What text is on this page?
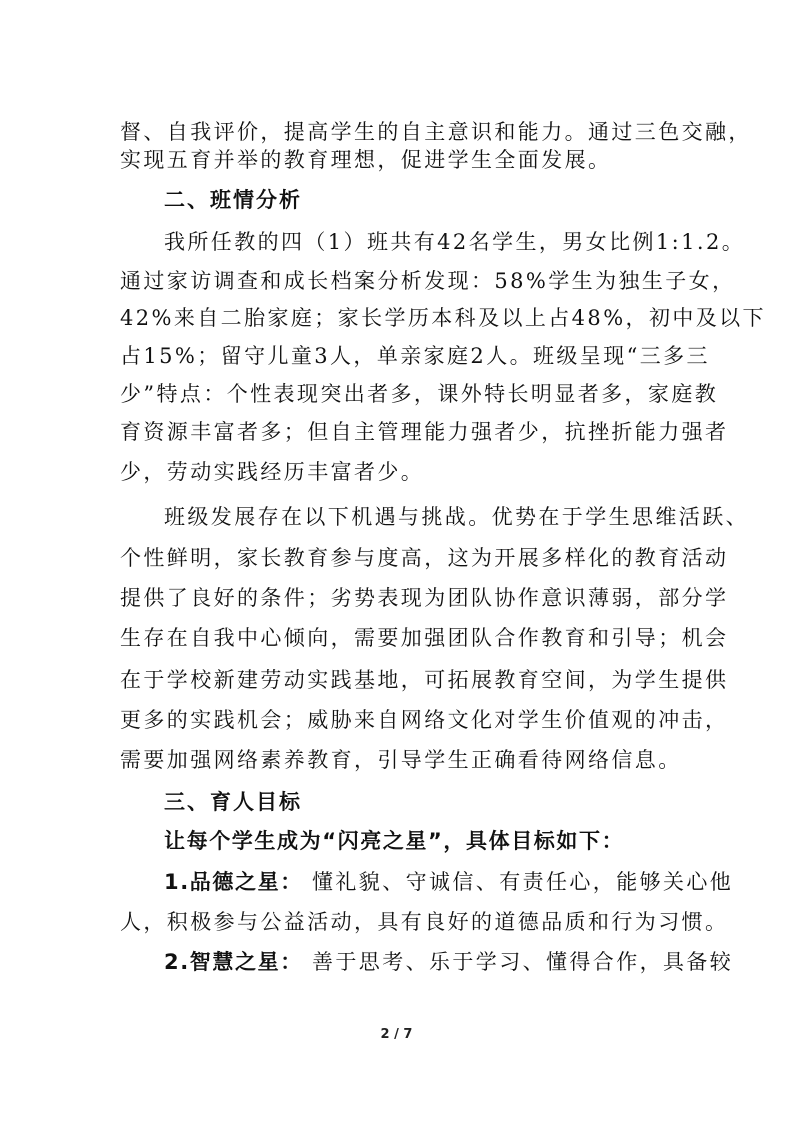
督、自我评价，提高学生的自主意识和能力。通过三色交融，
实现五育并举的教育理想，促进学生全面发展。
二、班情分析
我所任教的四（1）班共有42名学生，男女比例1:1.2。
通过家访调查和成长档案分析发现：58%学生为独生子女，
42%来自二胎家庭；家长学历本科及以上占48%，初中及以下
占15%；留守儿童3人，单亲家庭2人。班级呈现“三多三
少”特点：个性表现突出者多，课外特长明显者多，家庭教
育资源丰富者多；但自主管理能力强者少，抗挫折能力强者
少，劳动实践经历丰富者少。
班级发展存在以下机遇与挑战。优势在于学生思维活跃、
个性鲜明，家长教育参与度高，这为开展多样化的教育活动
提供了良好的条件；劣势表现为团队协作意识薄弱，部分学
生存在自我中心倾向，需要加强团队合作教育和引导；机会
在于学校新建劳动实践基地，可拓展教育空间，为学生提供
更多的实践机会；威胁来自网络文化对学生价值观的冲击，
需要加强网络素养教育，引导学生正确看待网络信息。
三、育人目标
让每个学生成为“闪亮之星”，具体目标如下：
1.品德之星： 懂礼貌、守诚信、有责任心，能够关心他
人，积极参与公益活动，具有良好的道德品质和行为习惯。
2.智慧之星： 善于思考、乐于学习、懂得合作，具备较
2 / 7
